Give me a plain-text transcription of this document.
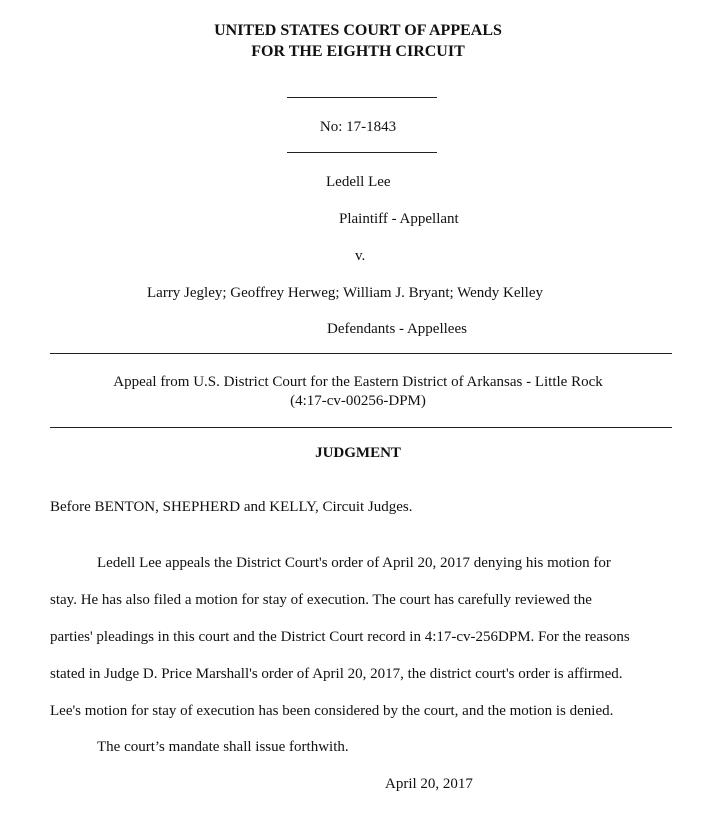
UNITED STATES COURT OF APPEALS
FOR THE EIGHTH CIRCUIT
No: 17-1843
Ledell Lee
Plaintiff - Appellant
v.
Larry Jegley; Geoffrey Herweg; William J. Bryant; Wendy Kelley
Defendants - Appellees
Appeal from U.S. District Court for the Eastern District of Arkansas - Little Rock
(4:17-cv-00256-DPM)
JUDGMENT
Before BENTON, SHEPHERD and KELLY, Circuit Judges.
Ledell Lee appeals the District Court's order of April 20, 2017 denying his motion for
stay. He has also filed a motion for stay of execution. The court has carefully reviewed the
parties' pleadings in this court and the District Court record in 4:17-cv-256DPM. For the reasons
stated in Judge D. Price Marshall's order of April 20, 2017, the district court's order is affirmed.
Lee's motion for stay of execution has been considered by the court, and the motion is denied.
The court’s mandate shall issue forthwith.
April 20, 2017
